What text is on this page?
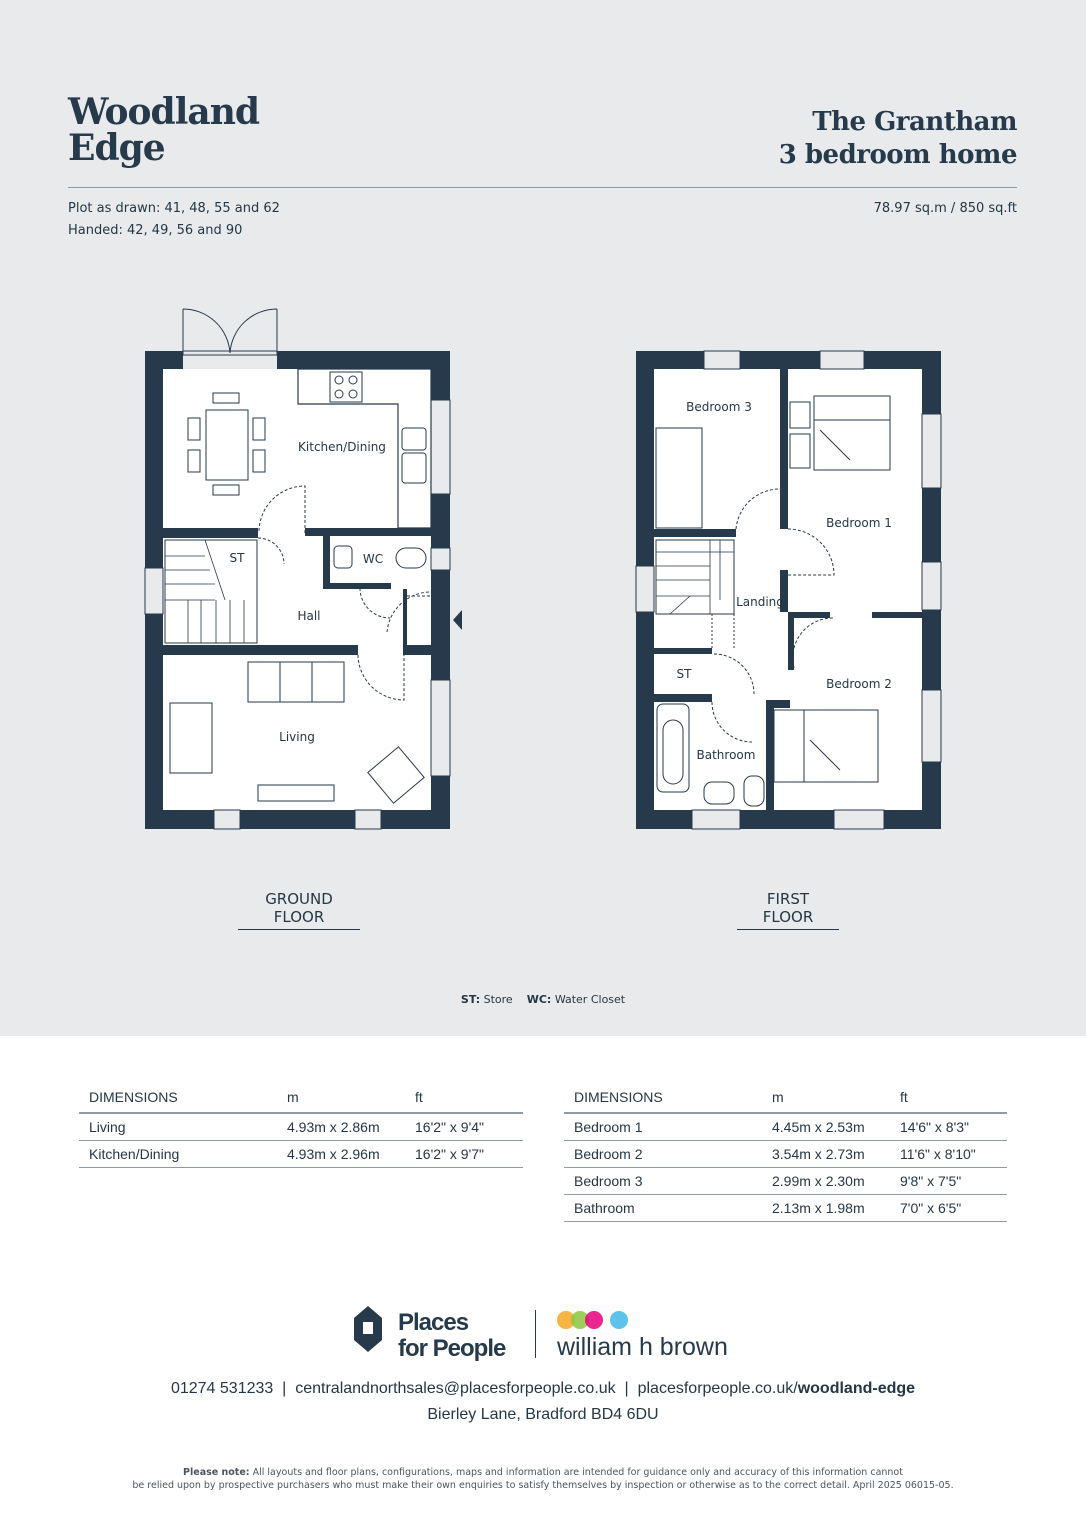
Woodland
Edge
The Grantham
3 bedroom home
Plot as drawn: 41, 48, 55 and 62
Handed: 42, 49, 56 and 90
78.97 sq.m / 850 sq.ft
Kitchen/Dining
ST	WC
Hall
Living
Bedroom 3
Bedroom 1
Landing
ST
Bedroom 2
Bathroom
GROUND FLOOR
FIRST FLOOR
ST: Store WC: Water Closet
DIMENSIONS	m	ft
Living	4.93m x 2.86m	16'2" x 9'4"
Kitchen/Dining	4.93m x 2.96m	16'2" x 9'7"
DIMENSIONS	m	ft
Bedroom 1	4.45m x 2.53m	14'6" x 8'3"
Bedroom 2	3.54m x 2.73m	11'6" x 8'10"
Bedroom 3	2.99m x 2.30m	9'8" x 7'5"
Bathroom	2.13m x 1.98m	7'0" x 6'5"
Places
for People william h brown
01274 531233 | centralandnorthsales@placesforpeople.co.uk | placesforpeople.co.uk/woodland-edge
Bierley Lane, Bradford BD4 6DU
Please note: All layouts and floor plans, configurations, maps and information are intended for guidance only and accuracy of this information cannot
be relied upon by prospective purchasers who must make their own enquiries to satisfy themselves by inspection or otherwise as to the correct detail. April 2025 06015-05.
